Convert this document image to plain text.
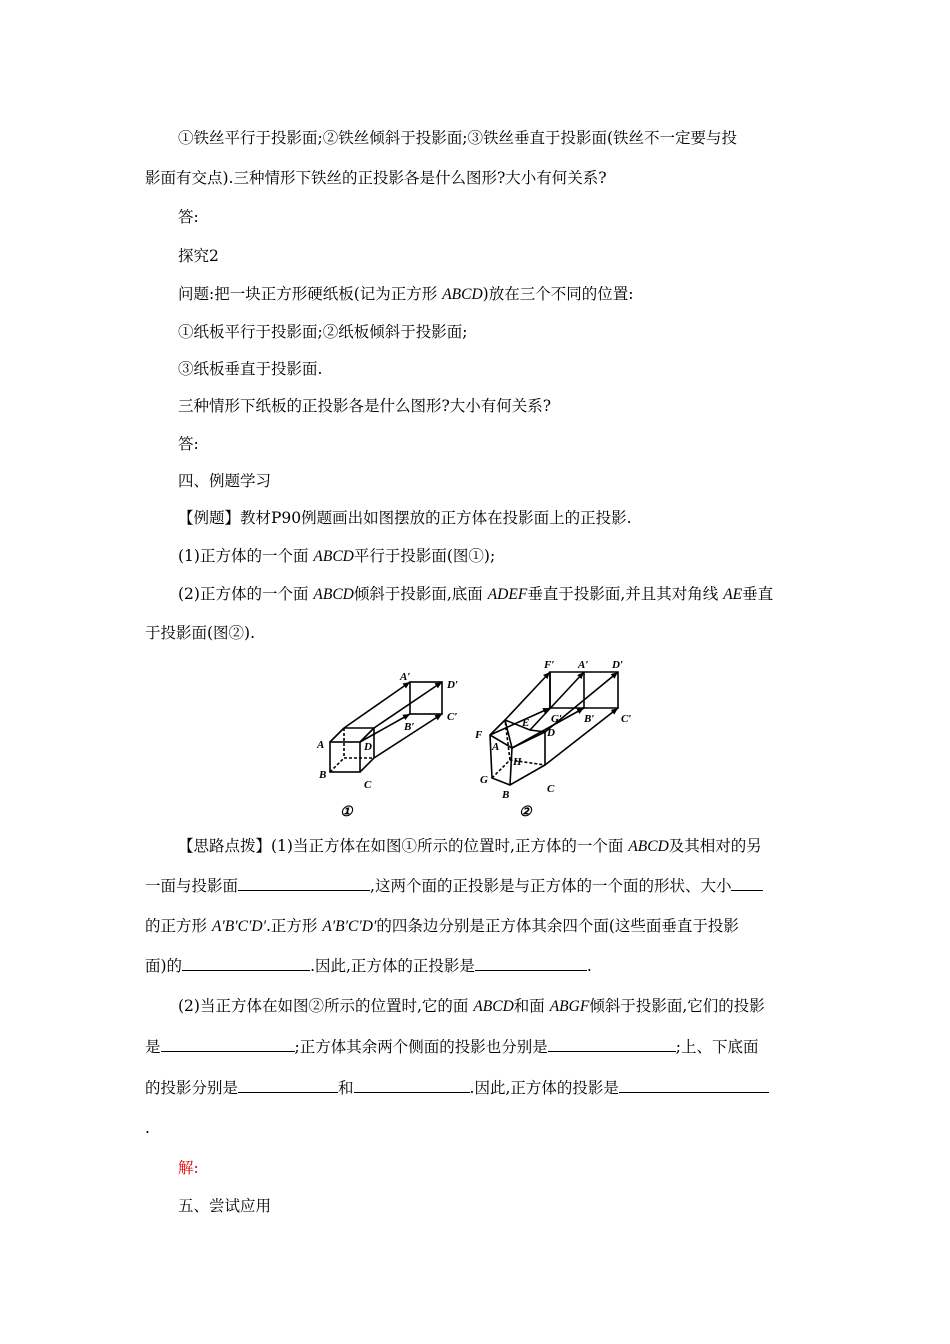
①铁丝平行于投影面;②铁丝倾斜于投影面;③铁丝垂直于投影面(铁丝不一定要与投
影面有交点).三种情形下铁丝的正投影各是什么图形?大小有何关系?
答:
探究2
问题:把一块正方形硬纸板(记为正方形 ABCD)放在三个不同的位置:
①纸板平行于投影面;②纸板倾斜于投影面;
③纸板垂直于投影面.
三种情形下纸板的正投影各是什么图形?大小有何关系?
答:
四、例题学习
【例题】教材P90例题画出如图摆放的正方体在投影面上的正投影.
(1)正方体的一个面 ABCD平行于投影面(图①);
(2)正方体的一个面 ABCD倾斜于投影面,底面 ADEF垂直于投影面,并且其对角线 AE垂直
于投影面(图②).
A
B
C
D
A′
D′
C′
B′
①
F
E
D
A
H
G
B	C
F′ A′ D′
G′ B′ C′
②
【思路点拨】(1)当正方体在如图①所示的位置时,正方体的一个面 ABCD及其相对的另
一面与投影面	,这两个面的正投影是与正方体的一个面的形状、大小
的正方形 A′B′C′D′.正方形 A′B′C′D′的四条边分别是正方体其余四个面(这些面垂直于投影
面)的	.因此,正方体的正投影是	.
(2)当正方体在如图②所示的位置时,它的面 ABCD和面 ABGF倾斜于投影面,它们的投影
是	;正方体其余两个侧面的投影也分别是	;上、下底面
的投影分别是	和	.因此,正方体的投影是
.
解:
五、尝试应用
